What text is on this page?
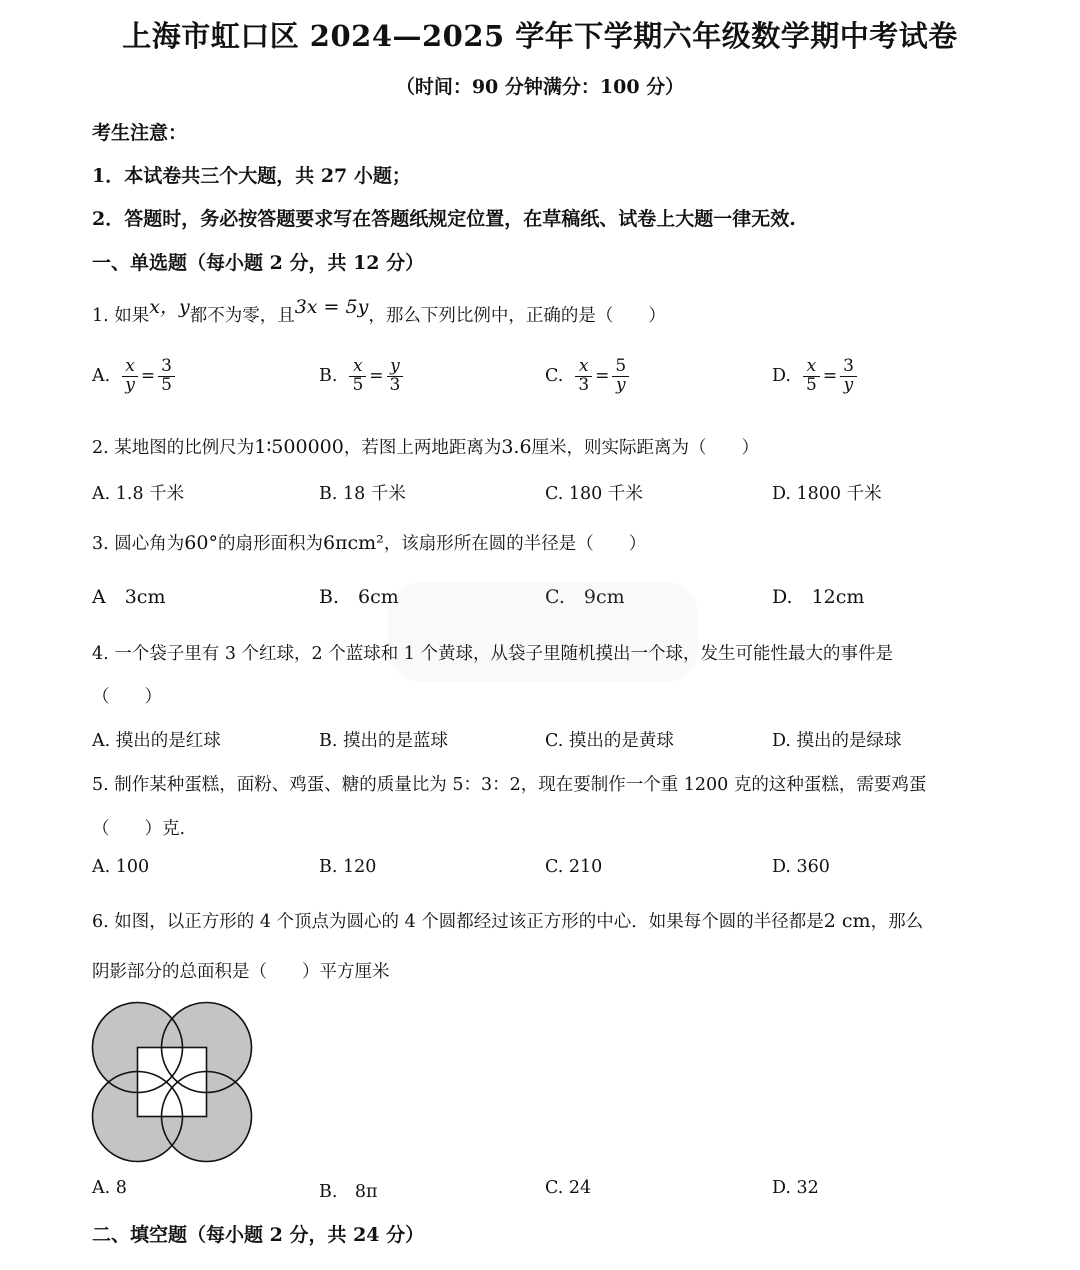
上海市虹口区 2024—2025 学年下学期六年级数学期中考试卷
（时间：90 分钟满分：100 分）
考生注意：
1．本试卷共三个大题，共 27 小题；
2．答题时，务必按答题要求写在答题纸规定位置，在草稿纸、试卷上大题一律无效.
一、单选题（每小题 2 分，共 12 分）
1. 如果x，y都不为零，且3x = 5y，那么下列比例中，正确的是（　　）
A. $\frac{x}{y} = \frac{3}{5}$	B. $\frac{x}{5} = \frac{y}{3}$	C. $\frac{x}{3} = \frac{5}{y}$	D. $\frac{x}{5} = \frac{3}{y}$
2. 某地图的比例尺为1∶500000，若图上两地距离为3.6厘米，则实际距离为（　　）
A. 1.8 千米	B. 18 千米	C. 180 千米	D. 1800 千米
3. 圆心角为60°的扇形面积为6πcm²，该扇形所在圆的半径是（　　）
A　3cm	B.　6cm	C.　9cm	D.　12cm
4. 一个袋子里有 3 个红球，2 个蓝球和 1 个黄球，从袋子里随机摸出一个球，发生可能性最大的事件是
（　　）
A. 摸出的是红球	B. 摸出的是蓝球	C. 摸出的是黄球	D. 摸出的是绿球
5. 制作某种蛋糕，面粉、鸡蛋、糖的质量比为 5：3：2，现在要制作一个重 1200 克的这种蛋糕，需要鸡蛋
（　　）克.
A. 100	B. 120	C. 210	D. 360
6. 如图，以正方形的 4 个顶点为圆心的 4 个圆都经过该正方形的中心．如果每个圆的半径都是2 cm，那么
阴影部分的总面积是（　　）平方厘米
A. 8	B.　8π	C. 24	D. 32
二、填空题（每小题 2 分，共 24 分）
